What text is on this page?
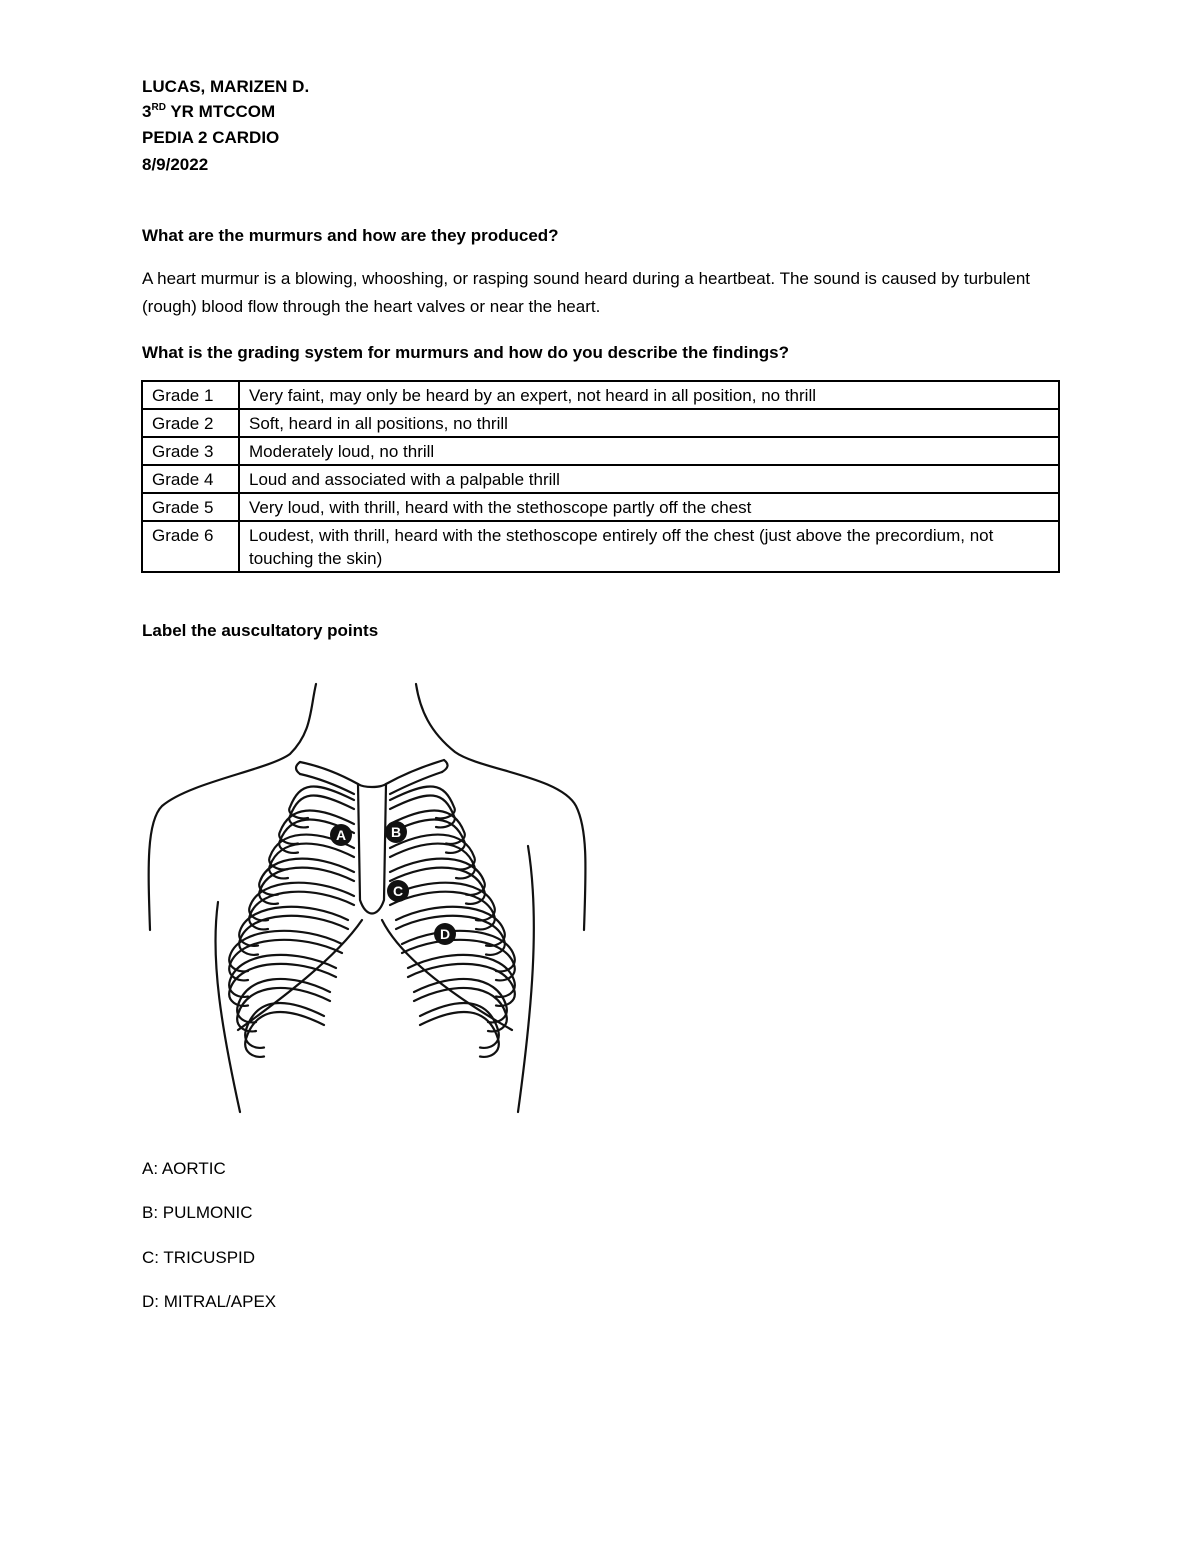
LUCAS, MARIZEN D.
3RD YR MTCCOM
PEDIA 2 CARDIO
8/9/2022
What are the murmurs and how are they produced?
A heart murmur is a blowing, whooshing, or rasping sound heard during a heartbeat. The sound is caused by turbulent (rough) blood flow through the heart valves or near the heart.
What is the grading system for murmurs and how do you describe the findings?
Grade 1	Very faint, may only be heard by an expert, not heard in all position, no thrill
Grade 2	Soft, heard in all positions, no thrill
Grade 3	Moderately loud, no thrill
Grade 4	Loud and associated with a palpable thrill
Grade 5	Very loud, with thrill, heard with the stethoscope partly off the chest
Grade 6	Loudest, with thrill, heard with the stethoscope entirely off the chest (just above the precordium, not touching the skin)
Label the auscultatory points
A	B
C
D
A: AORTIC
B: PULMONIC
C: TRICUSPID
D: MITRAL/APEX
